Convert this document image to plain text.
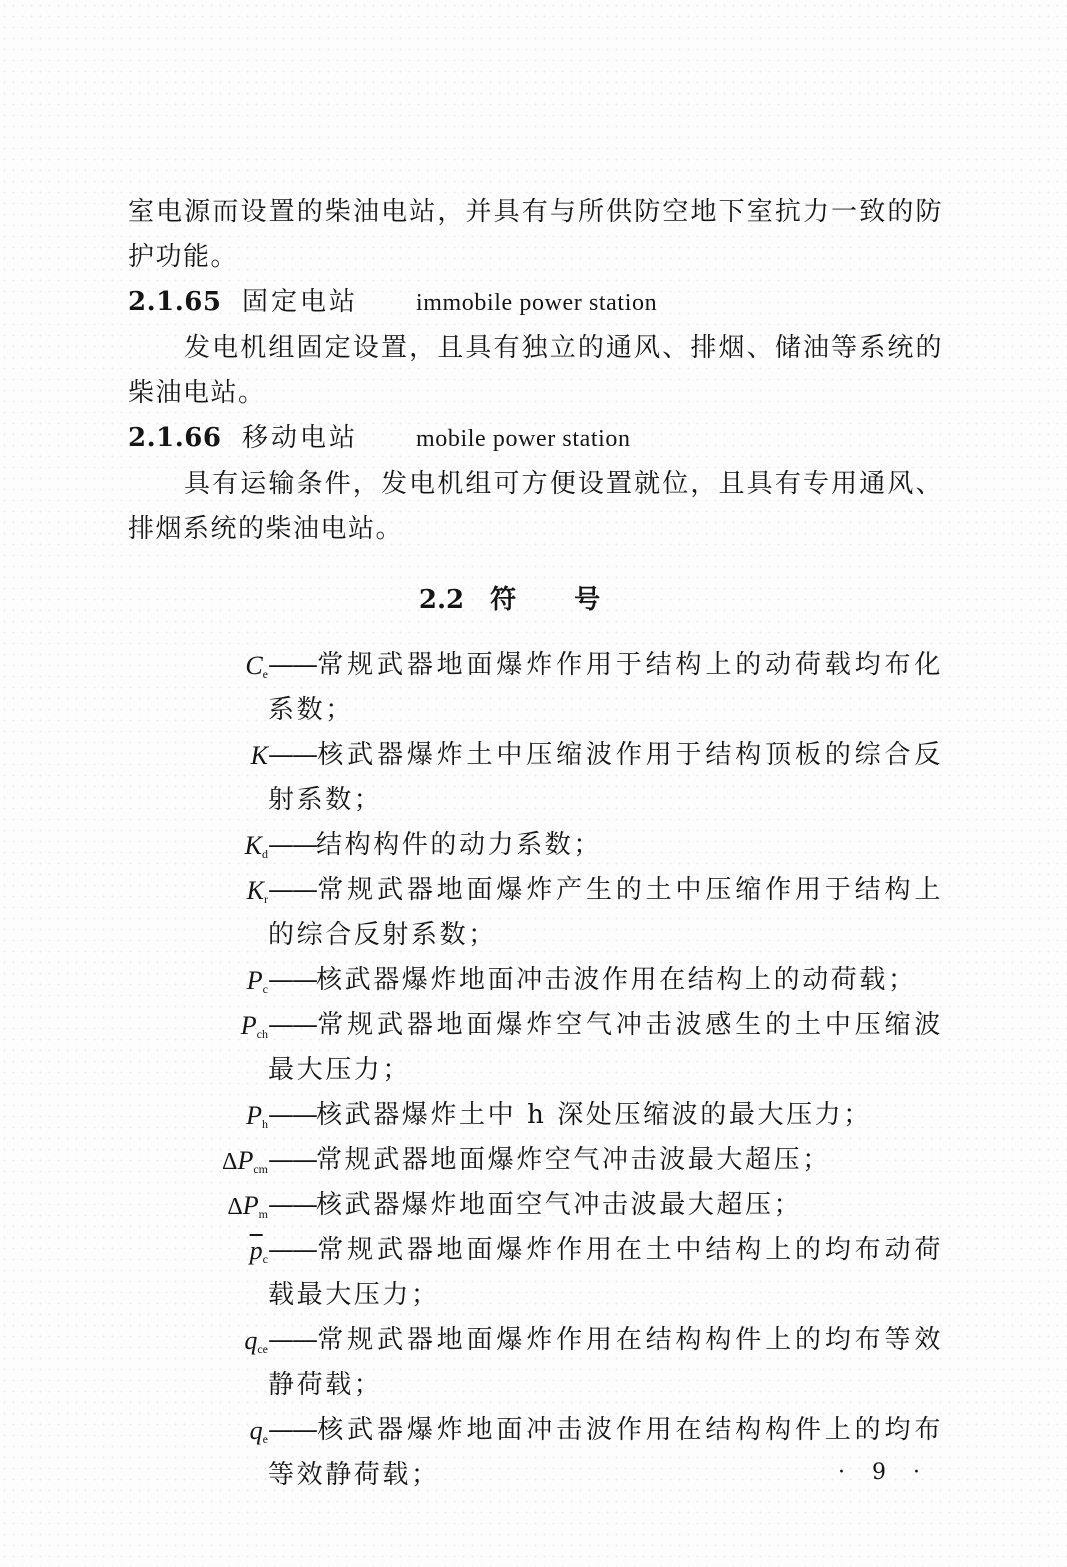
室电源而设置的柴油电站，并具有与所供防空地下室抗力一致的防护功能。

2.1.65 固定电站 immobile power station

发电机组固定设置，且具有独立的通风、排烟、储油等系统的柴油电站。

2.1.66 移动电站 mobile power station

具有运输条件，发电机组可方便设置就位，且具有专用通风、排烟系统的柴油电站。

2.2 符号
$C_e$ ——常规武器地面爆炸作用于结构上的动荷载均布化系数；
K ——核武器爆炸土中压缩波作用于结构顶板的综合反射系数；
$K_d$ ——结构构件的动力系数；
$K_r$ ——常规武器地面爆炸产生的土中压缩作用于结构上的综合反射系数；
$P_c$ ——核武器爆炸地面冲击波作用在结构上的动荷载；
$P_{ch}$ ——常规武器地面爆炸空气冲击波感生的土中压缩波最大压力；
$P_h$ ——核武器爆炸土中 h 深处压缩波的最大压力；
$\Delta P_{cm}$ ——常规武器地面爆炸空气冲击波最大超压；
$\Delta P_m$ ——核武器爆炸地面空气冲击波最大超压；
$\overline{p}_c$ ——常规武器地面爆炸作用在土中结构上的均布动荷载最大压力；
$q_{ce}$ ——常规武器地面爆炸作用在结构构件上的均布等效静荷载；
$q_e$ ——核武器爆炸地面冲击波作用在结构构件上的均布等效静荷载；	· 9 ·
